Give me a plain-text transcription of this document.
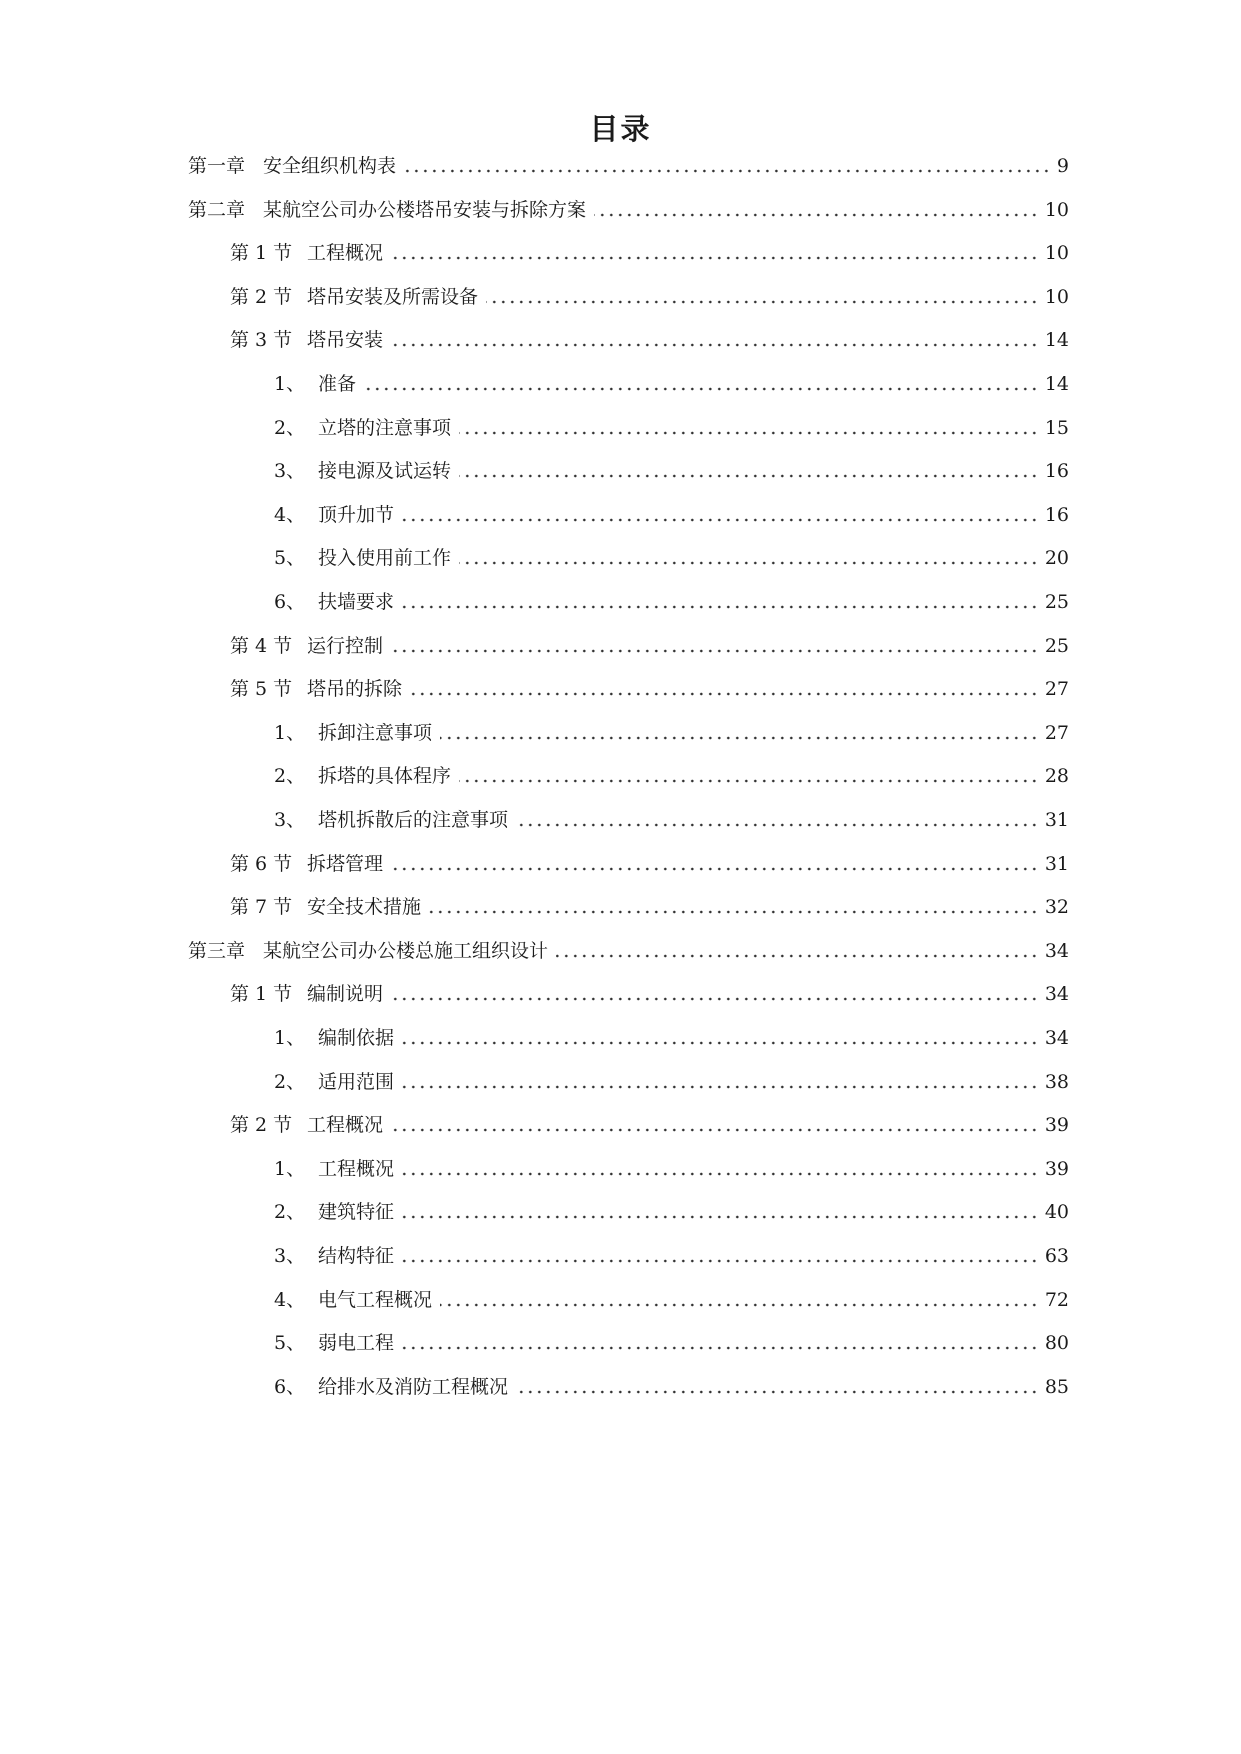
目录
第一章 安全组织机构表	9
第二章 某航空公司办公楼塔吊安装与拆除方案	10
第 1 节 工程概况	10
第 2 节 塔吊安装及所需设备	10
第 3 节 塔吊安装	14
1、 准备	14
2、 立塔的注意事项	15
3、 接电源及试运转	16
4、 顶升加节	16
5、 投入使用前工作	20
6、 扶墙要求	25
第 4 节 运行控制	25
第 5 节 塔吊的拆除	27
1、 拆卸注意事项	27
2、 拆塔的具体程序	28
3、 塔机拆散后的注意事项	31
第 6 节 拆塔管理	31
第 7 节 安全技术措施	32
第三章 某航空公司办公楼总施工组织设计	34
第 1 节 编制说明	34
1、 编制依据	34
2、 适用范围	38
第 2 节 工程概况	39
1、 工程概况	39
2、 建筑特征	40
3、 结构特征	63
4、 电气工程概况	72
5、 弱电工程	80
6、 给排水及消防工程概况	85
